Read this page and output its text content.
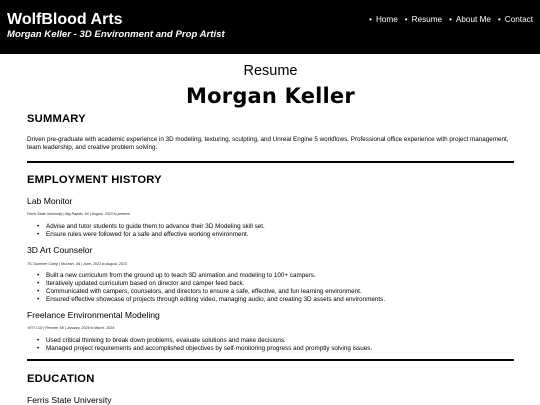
WolfBlood Arts
Morgan Keller - 3D Environment and Prop Artist
• Home • Resume • About Me • Contact
Resume
Morgan Keller
SUMMARY

Driven pre-graduate with academic experience in 3D modeling, texturing, sculpting, and Unreal Engine 5 workflows. Professional office experience with project management, team leadership, and creative problem solving.

EMPLOYMENT HISTORY
Lab Monitor
Ferris State University | Big Rapids, MI | August, 2023 to present
• Advise and tutor students to guide them to advance their 3D Modeling skill set.
• Ensure rules were followed for a safe and effective working environment.
3D Art Counselor
TIC Summer Camp | McLean, VA | June, 2023 to August, 2023
• Built a new curriculum from the ground up to teach 3D animation and modeling to 100+ campers.
• Iteratively updated curriculum based on director and camper feed back.
• Communicated with campers, counselors, and directors to ensure a safe, effective, and fun learning environment.
• Ensured effective showcase of projects through editing video, managing audio, and creating 3D assets and environments.
Freelance Environmental Modeling
YETI CGI | Remote, MI | January, 2024 to March, 2024
• Used critical thinking to break down problems, evaluate solutions and make decisions.
• Managed project requirements and accomplished objectives by self-monitoring progress and promptly solving issues.
EDUCATION
Ferris State University
